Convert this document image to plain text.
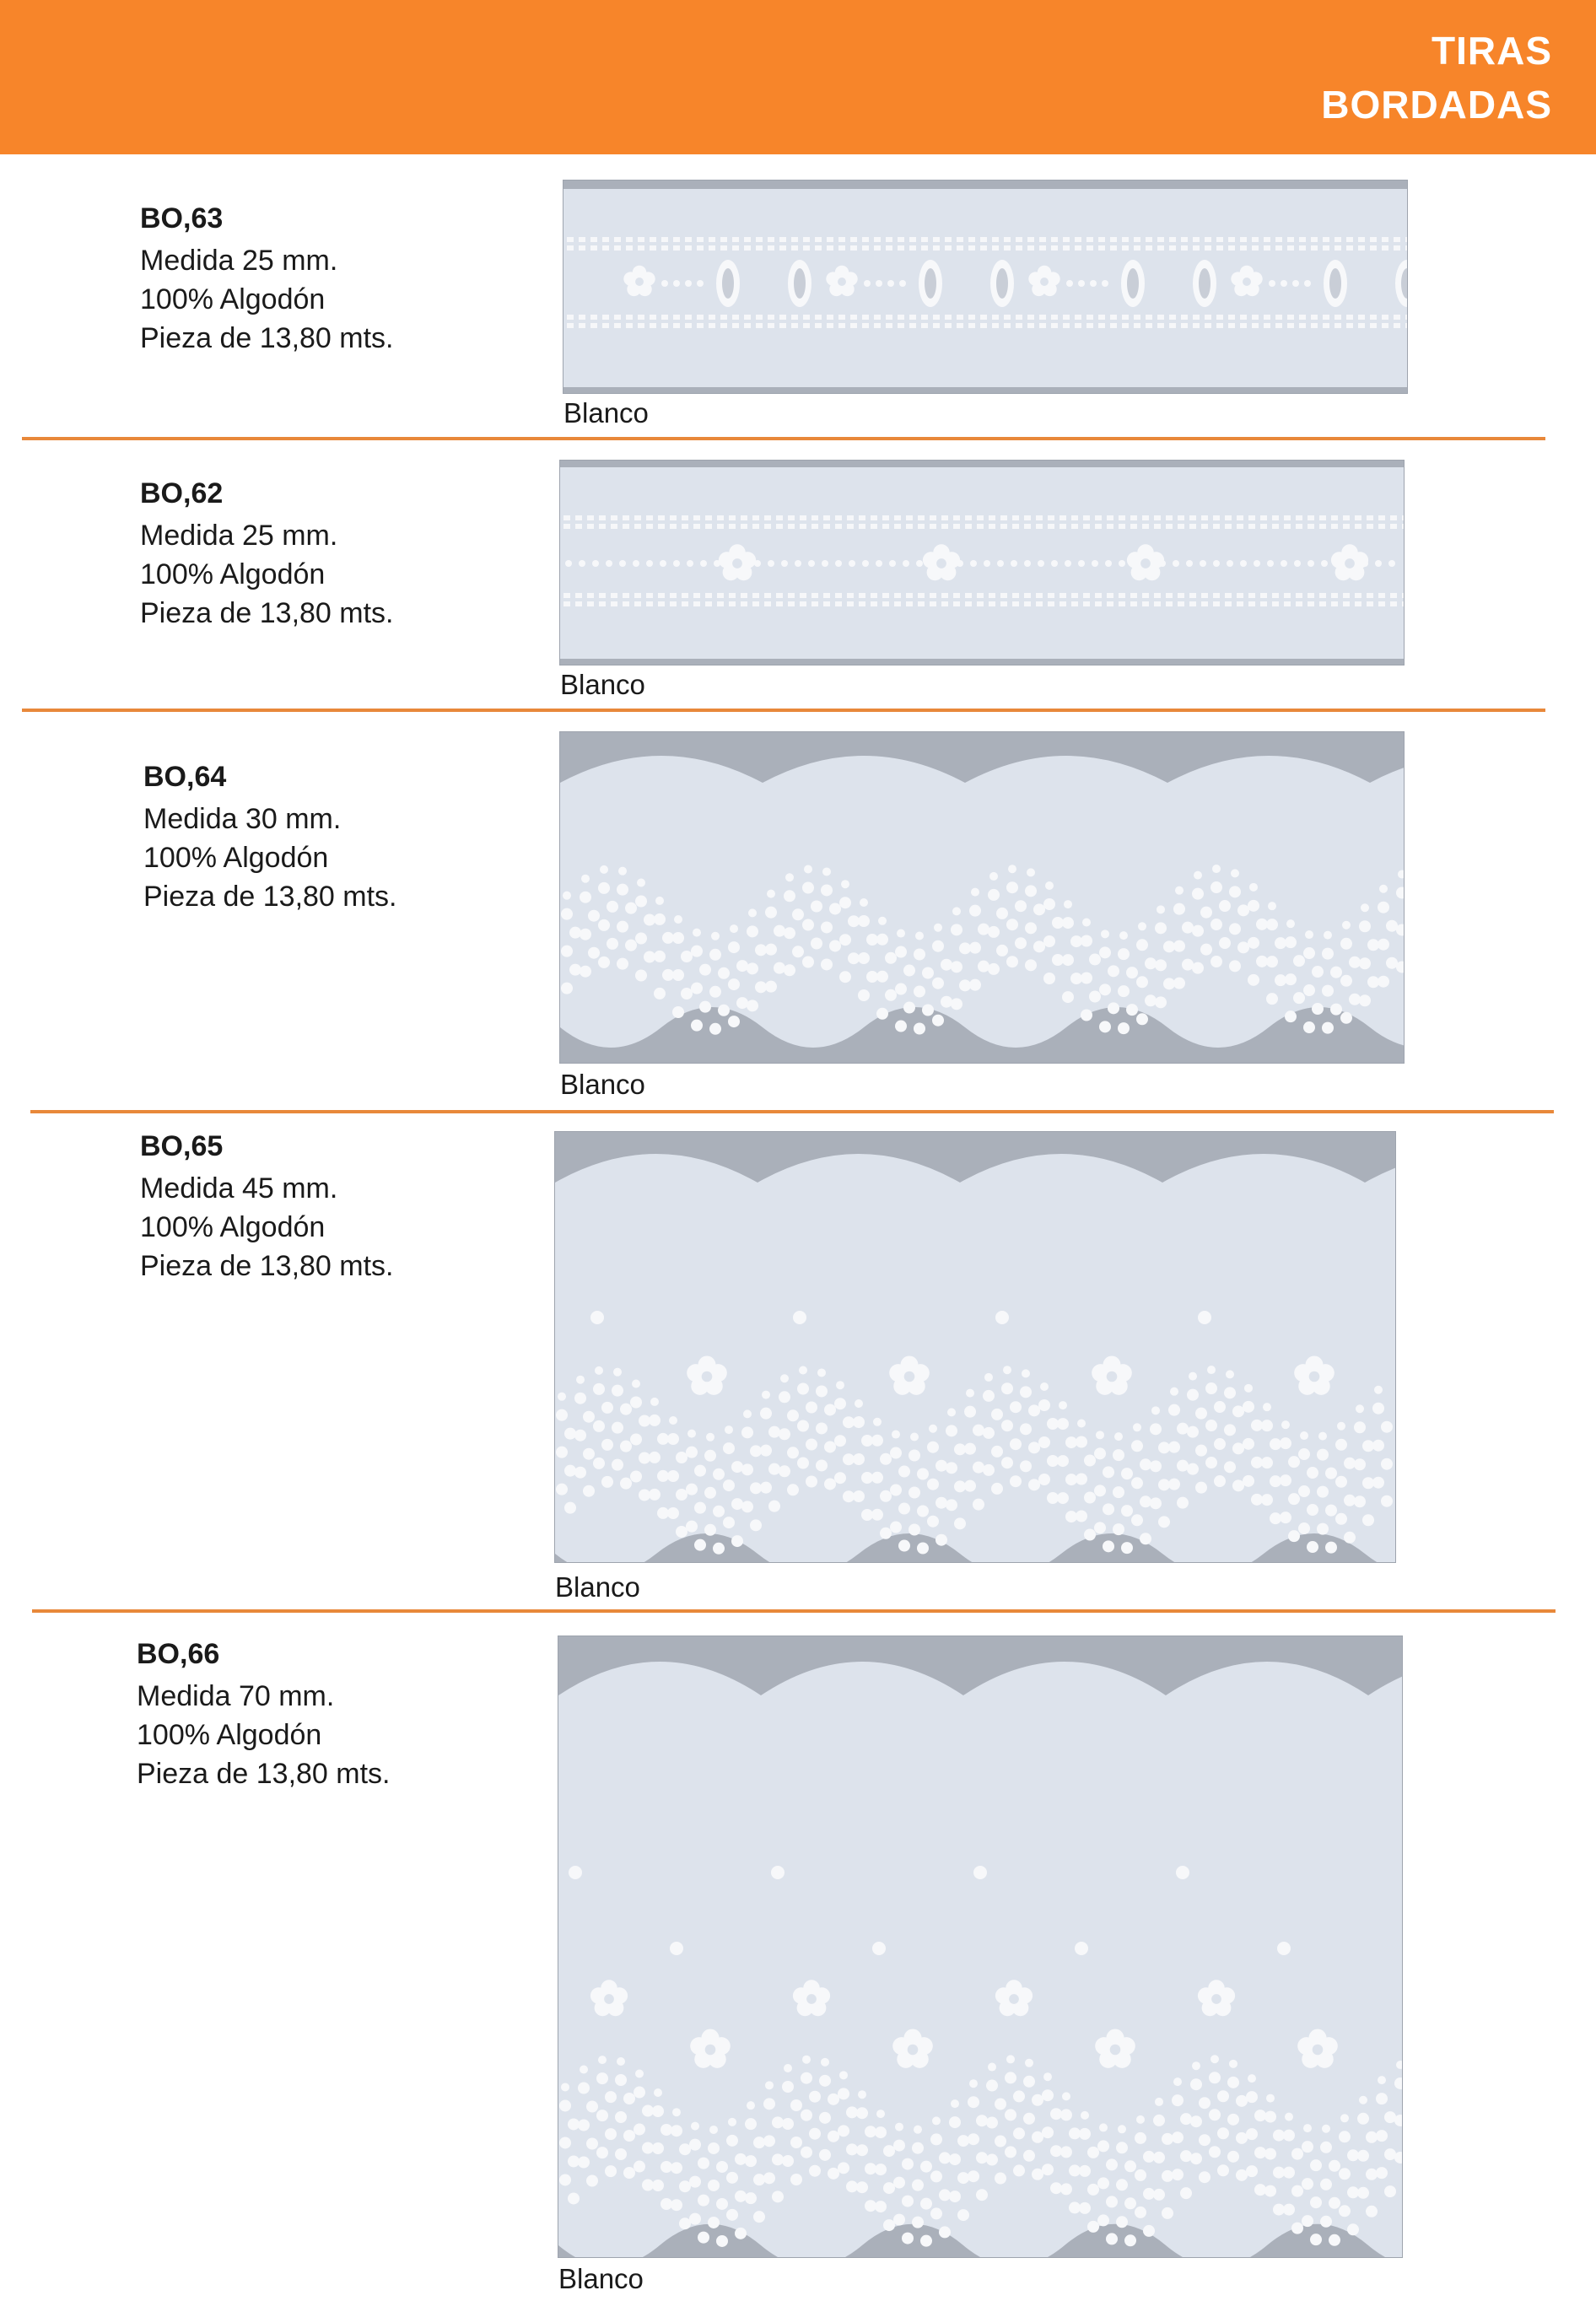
TIRAS
BORDADAS
BO,63
Medida 25 mm.
100% Algodón
Pieza de 13,80 mts.
Blanco
BO,62
Medida 25 mm.
100% Algodón
Pieza de 13,80 mts.
Blanco
BO,64
Medida 30 mm.
100% Algodón
Pieza de 13,80 mts.
Blanco
BO,65
Medida 45 mm.
100% Algodón
Pieza de 13,80 mts.
Blanco
BO,66
Medida 70 mm.
100% Algodón
Pieza de 13,80 mts.
Blanco
